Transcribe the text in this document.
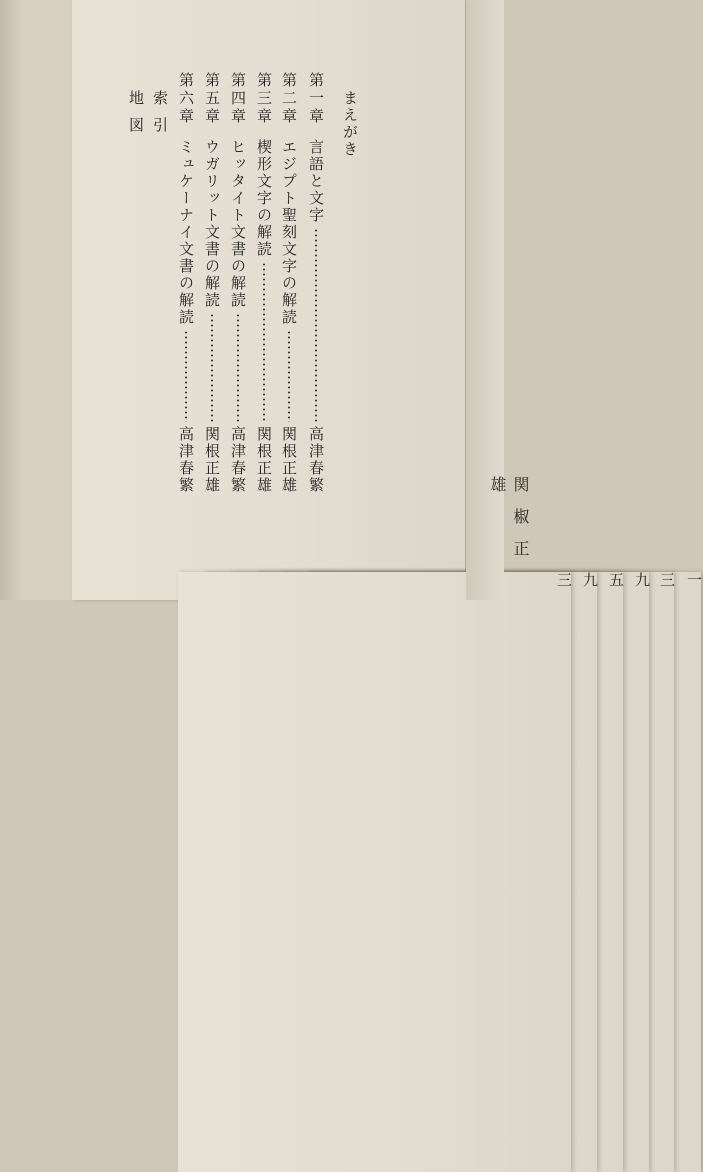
まえがき
第一章 言語と文字
高津春繁
一
第二章 エジプト聖刻文字の解読
関根正雄
三
第三章 楔形文字の解読
関根正雄
九
第四章 ヒッタイト文書の解読
高津春繁
五
第五章 ウガリット文書の解読
関根正雄
九
第六章 ミュケーナイ文書の解読
高津春繁
三
索引
地図
関椒正雄
